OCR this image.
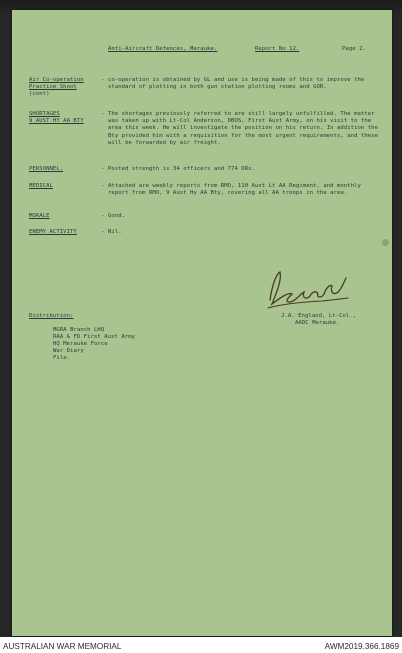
Anti-Aircraft Defences, Merauke.	Report No 12.	Page 2.
Air Co-operation
Practice Shoot
(cont)
- co-operation is obtained by GL and use is being made of this to improve the standard of plotting in both gun station plotting rooms and GOR.
SHORTAGES
9 AUST HY AA BTY
- The shortages previously referred to are still largely unfulfilled. The matter was taken up with Lt-Col Anderson, DBOS, First Aust Army, on his visit to the area this week. He will investigate the position on his return. In addition the Bty provided him with a requisition for the most urgent requirements, and these will be forwarded by air freight.
PERSONNEL.	- Posted strength is 34 officers and 774 ORs.
MEDICAL	- Attached are weekly reports from RMO, 110 Aust Lt AA Regiment, and monthly report from RMO, 9 Aust Hy AA Bty, covering all AA troops in the area.
MORALE	- Good.
ENEMY ACTIVITY	- Nil.
J.A. England, Lt-Col.,
AADC Merauke.
Distribution:
MGRA Branch LHQ
RAA & FD First Aust Army
HQ Merauke Force
War Diary
File.
AUSTRALIAN WAR MEMORIAL	AWM2019.366.1869
